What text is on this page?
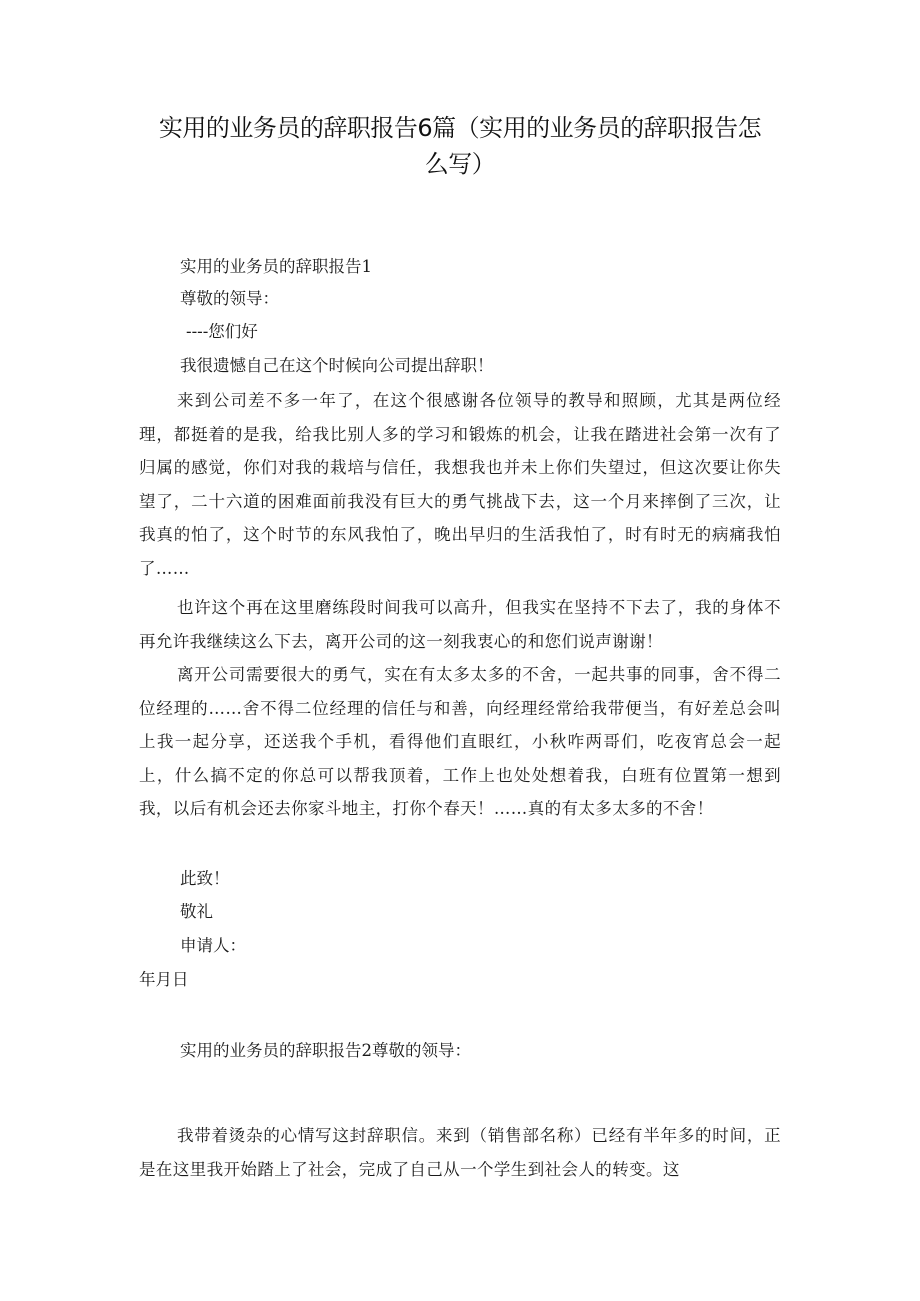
实用的业务员的辞职报告6篇（实用的业务员的辞职报告怎么写）
实用的业务员的辞职报告1
尊敬的领导：
----您们好
我很遗憾自己在这个时候向公司提出辞职！
来到公司差不多一年了，在这个很感谢各位领导的教导和照顾，尤其是两位经理，都挺着的是我，给我比别人多的学习和锻炼的机会，让我在踏进社会第一次有了归属的感觉，你们对我的栽培与信任，我想我也并未上你们失望过，但这次要让你失望了，二十六道的困难面前我没有巨大的勇气挑战下去，这一个月来摔倒了三次，让我真的怕了，这个时节的东风我怕了，晚出早归的生活我怕了，时有时无的病痛我怕了……
也许这个再在这里磨练段时间我可以高升，但我实在坚持不下去了，我的身体不再允许我继续这么下去，离开公司的这一刻我衷心的和您们说声谢谢！
离开公司需要很大的勇气，实在有太多太多的不舍，一起共事的同事，舍不得二位经理的……舍不得二位经理的信任与和善，向经理经常给我带便当，有好差总会叫上我一起分享，还送我个手机，看得他们直眼红，小秋咋两哥们，吃夜宵总会一起上，什么搞不定的你总可以帮我顶着，工作上也处处想着我，白班有位置第一想到我，以后有机会还去你家斗地主，打你个春天！……真的有太多太多的不舍！
此致！
敬礼
申请人：
年月日
实用的业务员的辞职报告2尊敬的领导：
我带着烫杂的心情写这封辞职信。来到（销售部名称）已经有半年多的时间，正是在这里我开始踏上了社会，完成了自己从一个学生到社会人的转变。这
